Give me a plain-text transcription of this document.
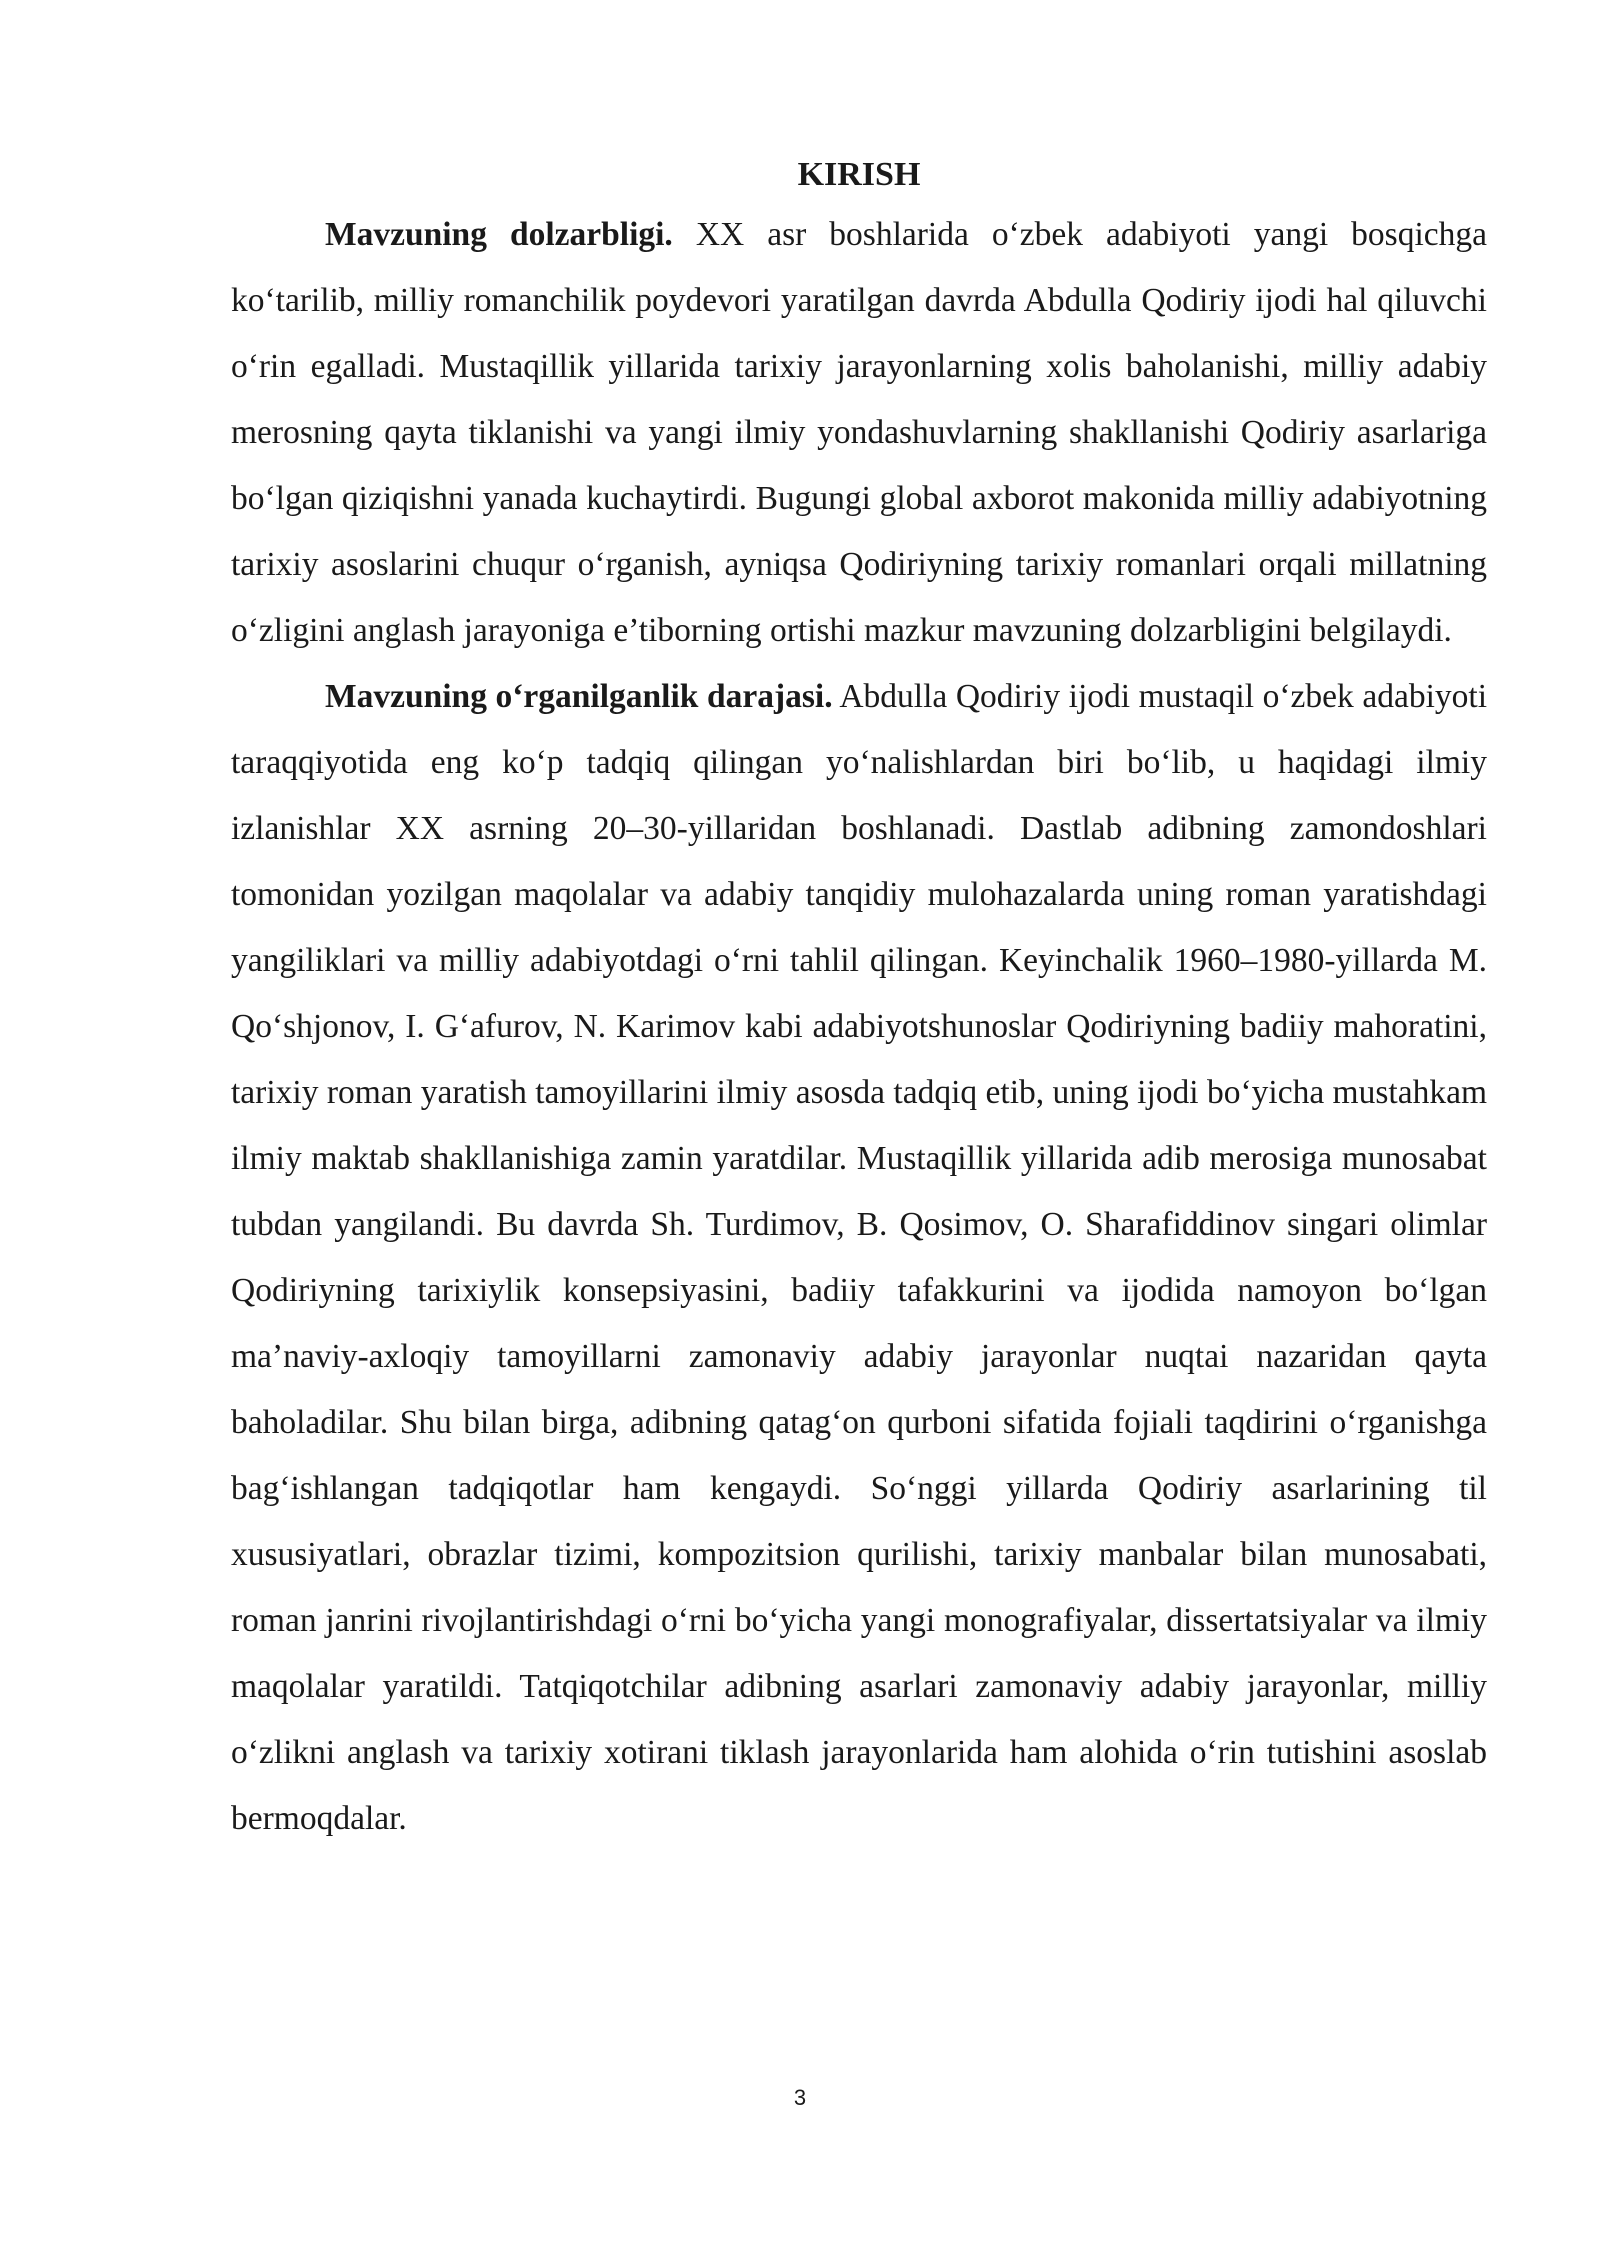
KIRISH

Mavzuning dolzarbligi. XX asr boshlarida o‘zbek adabiyoti yangi bosqichga ko‘tarilib, milliy romanchilik poydevori yaratilgan davrda Abdulla Qodiriy ijodi hal qiluvchi o‘rin egalladi. Mustaqillik yillarida tarixiy jarayonlarning xolis baholanishi, milliy adabiy merosning qayta tiklanishi va yangi ilmiy yondashuvlarning shakllanishi Qodiriy asarlariga bo‘lgan qiziqishni yanada kuchaytirdi. Bugungi global axborot makonida milliy adabiyotning tarixiy asoslarini chuqur o‘rganish, ayniqsa Qodiriyning tarixiy romanlari orqali millatning o‘zligini anglash jarayoniga e’tiborning ortishi mazkur mavzuning dolzarbligini belgilaydi.

Mavzuning o‘rganilganlik darajasi. Abdulla Qodiriy ijodi mustaqil o‘zbek adabiyoti taraqqiyotida eng ko‘p tadqiq qilingan yo‘nalishlardan biri bo‘lib, u haqidagi ilmiy izlanishlar XX asrning 20–30-yillaridan boshlanadi. Dastlab adibning zamondoshlari tomonidan yozilgan maqolalar va adabiy tanqidiy mulohazalarda uning roman yaratishdagi yangiliklari va milliy adabiyotdagi o‘rni tahlil qilingan. Keyinchalik 1960–1980-yillarda M. Qo‘shjonov, I. G‘afurov, N. Karimov kabi adabiyotshunoslar Qodiriyning badiiy mahoratini, tarixiy roman yaratish tamoyillarini ilmiy asosda tadqiq etib, uning ijodi bo‘yicha mustahkam ilmiy maktab shakllanishiga zamin yaratdilar. Mustaqillik yillarida adib merosiga munosabat tubdan yangilandi. Bu davrda Sh. Turdimov, B. Qosimov, O. Sharafiddinov singari olimlar Qodiriyning tarixiylik konsepsiyasini, badiiy tafakkurini va ijodida namoyon bo‘lgan ma’naviy-axloqiy tamoyillarni zamonaviy adabiy jarayonlar nuqtai nazaridan qayta baholadilar. Shu bilan birga, adibning qatag‘on qurboni sifatida fojiali taqdirini o‘rganishga bag‘ishlangan tadqiqotlar ham kengaydi. So‘nggi yillarda Qodiriy asarlarining til xususiyatlari, obrazlar tizimi, kompozitsion qurilishi, tarixiy manbalar bilan munosabati, roman janrini rivojlantirishdagi o‘rni bo‘yicha yangi monografiyalar, dissertatsiyalar va ilmiy maqolalar yaratildi. Tatqiqotchilar adibning asarlari zamonaviy adabiy jarayonlar, milliy o‘zlikni anglash va tarixiy xotirani tiklash jarayonlarida ham alohida o‘rin tutishini asoslab bermoqdalar.

3
